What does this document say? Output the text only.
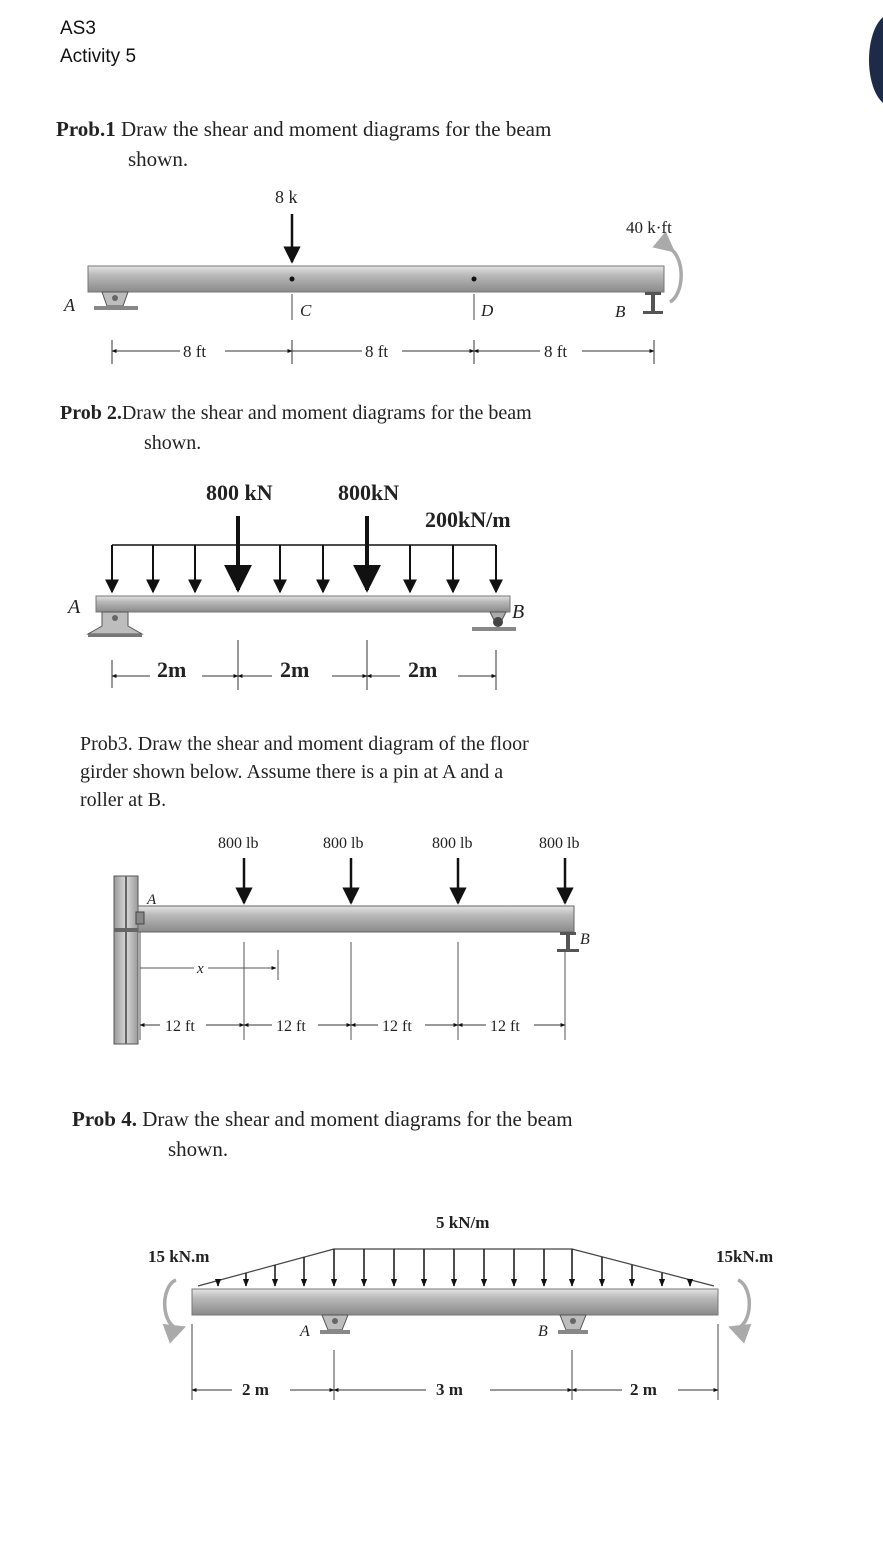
AS3
Activity 5
Prob.1 Draw the shear and moment diagrams for the beam
shown.
Prob 2.Draw the shear and moment diagrams for the beam
shown.
Prob3. Draw the shear and moment diagram of the floor
girder shown below. Assume there is a pin at A and a
roller at B.
Prob 4. Draw the shear and moment diagrams for the beam
shown.
8 k
A	C	D	B
40 k·ft
8 ft	8 ft	8 ft
800 kN	800kN
200kN/m
A	B
2m	2m	2m
A
B
800 lb	800 lb	800 lb	800 lb
x
12 ft	12 ft	12 ft	12 ft
5 kN/m
15 kN.m	15kN.m
A	B
2 m	3 m	2 m
